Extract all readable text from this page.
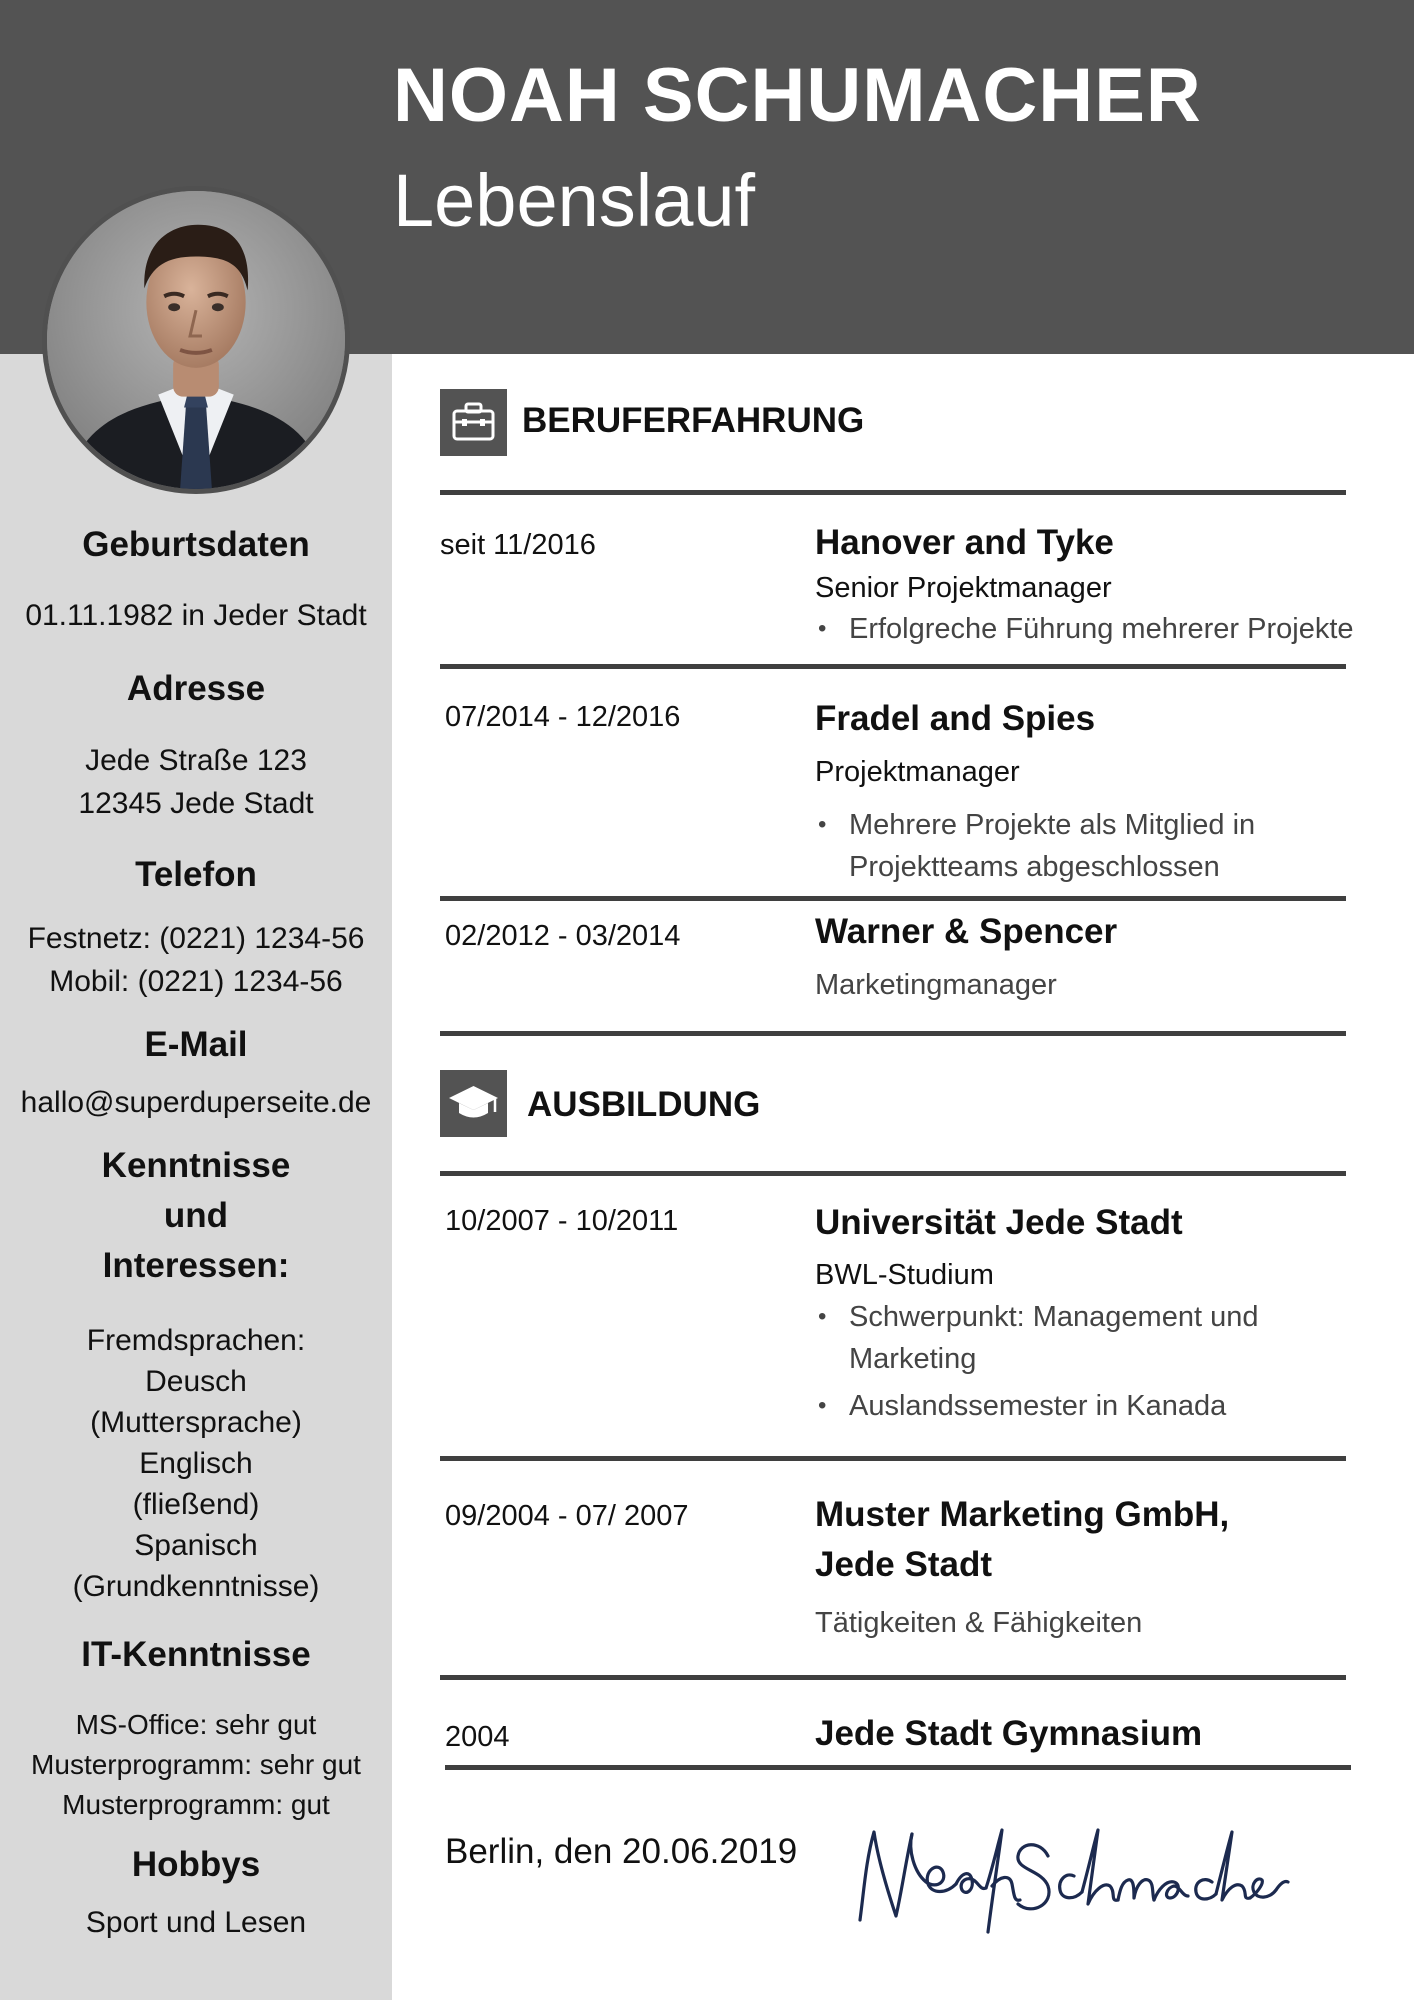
NOAH SCHUMACHER
Lebenslauf
Geburtsdaten
01.11.1982 in Jeder Stadt
Adresse
Jede Straße 123
12345 Jede Stadt
Telefon
Festnetz: (0221) 1234-56
Mobil: (0221) 1234-56
E-Mail
hallo@superduperseite.de
Kenntnisse
und
Interessen:
Fremdsprachen:
Deusch
(Muttersprache)
Englisch
(fließend)
Spanisch
(Grundkenntnisse)
IT-Kenntnisse
MS-Office: sehr gut
Musterprogramm: sehr gut
Musterprogramm: gut
Hobbys
Sport und Lesen
BERUFERFAHRUNG
seit 11/2016	Hanover and Tyke
Senior Projektmanager
• Erfolgreche Führung mehrerer Projekte
07/2014 - 12/2016	Fradel and Spies
Projektmanager
• Mehrere Projekte als Mitglied in Projektteams abgeschlossen
02/2012 - 03/2014	Warner & Spencer
Marketingmanager
AUSBILDUNG
10/2007 - 10/2011	Universität Jede Stadt
BWL-Studium
• Schwerpunkt: Management und Marketing
• Auslandssemester in Kanada
09/2004 - 07/ 2007	Muster Marketing GmbH,
Jede Stadt
Tätigkeiten & Fähigkeiten
2004	Jede Stadt Gymnasium
Berlin, den 20.06.2019
